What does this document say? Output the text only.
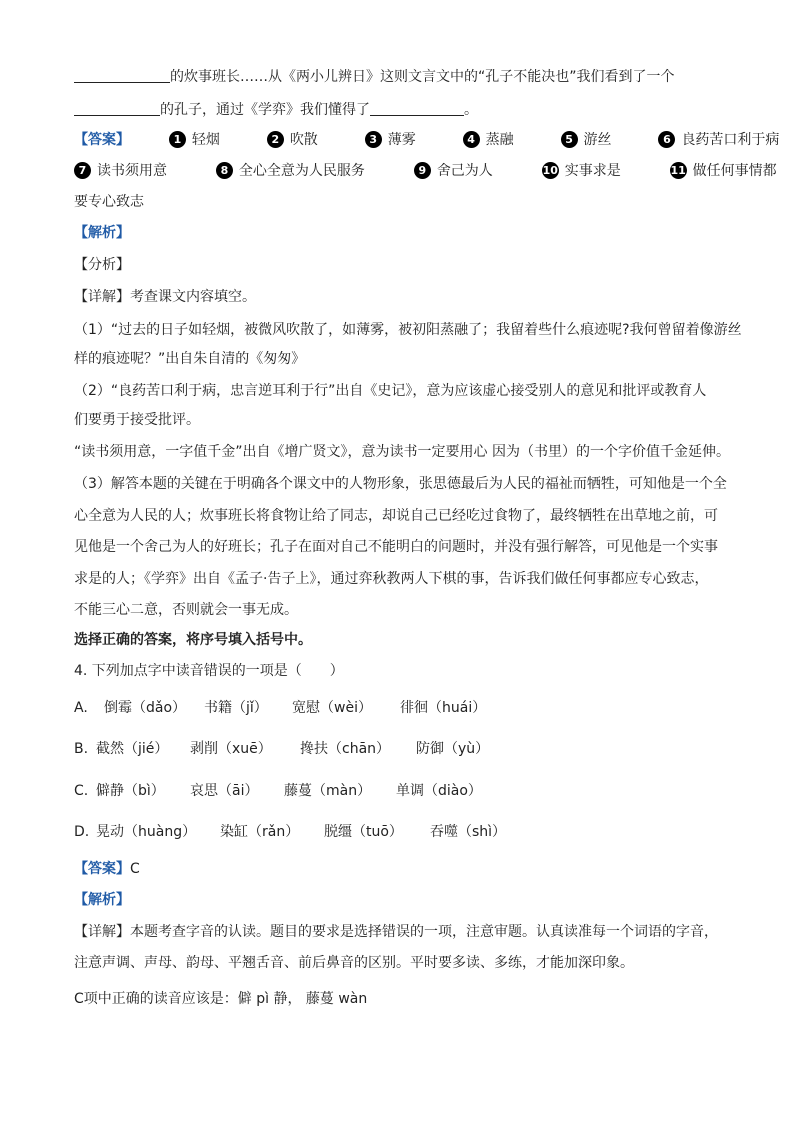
的炊事班长……从《两小儿辨日》这则文言文中的“孔子不能决也”我们看到了一个
的孔子，通过《学弈》我们懂得了	。
【答案】	1 轻烟	2 吹散	3 薄雾	4 蒸融	5 游丝	6 良药苦口利于病
7 读书须用意	8 全心全意为人民服务	9 舍己为人	10 实事求是	11 做任何事情都
要专心致志
【解析】
【分析】
【详解】考查课文内容填空。
（1）“过去的日子如轻烟，被微风吹散了，如薄雾，被初阳蒸融了；我留着些什么痕迹呢?我何曾留着像游丝
样的痕迹呢？”出自朱自清的《匆匆》
（2）“良药苦口利于病，忠言逆耳利于行”出自《史记》，意为应该虚心接受别人的意见和批评或教育人
们要勇于接受批评。
“读书须用意，一字值千金”出自《增广贤文》，意为读书一定要用心 因为（书里）的一个字价值千金延伸。
（3）解答本题的关键在于明确各个课文中的人物形象，张思德最后为人民的福祉而牺牲，可知他是一个全
心全意为人民的人；炊事班长将食物让给了同志，却说自己已经吃过食物了，最终牺牲在出草地之前，可
见他是一个舍己为人的好班长；孔子在面对自己不能明白的问题时，并没有强行解答，可见他是一个实事
求是的人；《学弈》出自《孟子·告子上》，通过弈秋教两人下棋的事，告诉我们做任何事都应专心致志，
不能三心二意，否则就会一事无成。
选择正确的答案，将序号填入括号中。
4. 下列加点字中读音错误的一项是（　　）
A. 倒霉（dǎo） 书籍（jǐ） 宽慰（wèi） 徘徊（huái）
B. 截然（jié） 剥削（xuē） 搀扶（chān） 防御（yù）
C. 僻静（bì） 哀思（āi） 藤蔓（màn） 单调（diào）
D. 晃动（huàng） 染缸（rǎn） 脱缰（tuō） 吞噬（shì）
【答案】C
【解析】
【详解】本题考查字音的认读。题目的要求是选择错误的一项，注意审题。认真读准每一个词语的字音，
注意声调、声母、韵母、平翘舌音、前后鼻音的区别。平时要多读、多练，才能加深印象。
C项中正确的读音应该是：僻 pì 静， 藤蔓 wàn
